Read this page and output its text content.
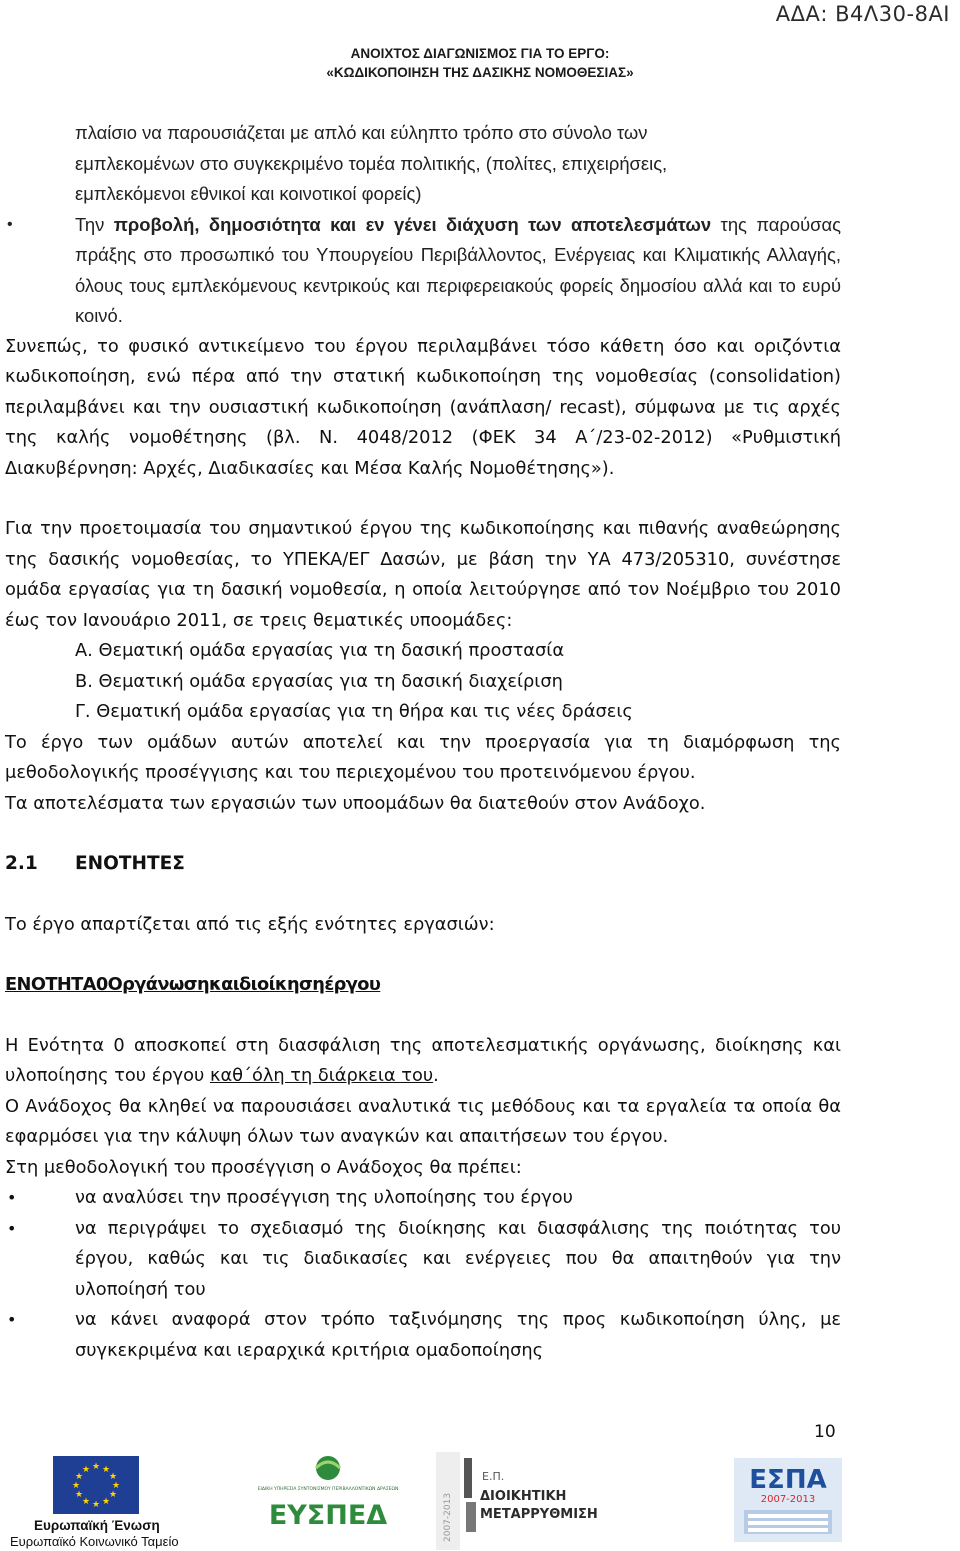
ΑΔΑ: Β4Λ30-8ΑΙ
ΑΝΟΙΧΤΟΣ ΔΙΑΓΩΝΙΣΜΟΣ ΓΙΑ ΤΟ ΕΡΓΟ:
«ΚΩΔΙΚΟΠΟΙΗΣΗ ΤΗΣ ΔΑΣΙΚΗΣ ΝΟΜΟΘΕΣΙΑΣ»

πλαίσιο να παρουσιάζεται με απλό και εύληπτο τρόπο στο σύνολο των

εμπλεκομένων στο συγκεκριμένο τομέα πολιτικής, (πολίτες, επιχειρήσεις,

εμπλεκόμενοι εθνικοί και κοινοτικοί φορείς)

• Την προβολή, δημοσιότητα και εν γένει διάχυση των αποτελεσμάτων της παρούσας πράξης στο προσωπικό του Υπουργείου Περιβάλλοντος, Ενέργειας και Κλιματικής Αλλαγής, όλους τους εμπλεκόμενους κεντρικούς και περιφερειακούς φορείς δημοσίου αλλά και το ευρύ κοινό.

Συνεπώς, το φυσικό αντικείμενο του έργου περιλαμβάνει τόσο κάθετη όσο και οριζόντια κωδικοποίηση, ενώ πέρα από την στατική κωδικοποίηση της νομοθεσίας (consolidation) περιλαμβάνει και την ουσιαστική κωδικοποίηση (ανάπλαση/ recast), σύμφωνα με τις αρχές της καλής νομοθέτησης (βλ. Ν. 4048/2012 (ΦΕΚ 34 Α΄/23-02-2012) «Ρυθμιστική Διακυβέρνηση: Αρχές, Διαδικασίες και Μέσα Καλής Νομοθέτησης»).

Για την προετοιμασία του σημαντικού έργου της κωδικοποίησης και πιθανής αναθεώρησης της δασικής νομοθεσίας, το ΥΠΕΚΑ/ΕΓ Δασών, με βάση την ΥΑ 473/205310, συνέστησε ομάδα εργασίας για τη δασική νομοθεσία, η οποία λειτούργησε από τον Νοέμβριο του 2010 έως τον Ιανουάριο 2011, σε τρεις θεματικές υποομάδες:

Α. Θεματική ομάδα εργασίας για τη δασική προστασία

Β. Θεματική ομάδα εργασίας για τη δασική διαχείριση

Γ. Θεματική ομάδα εργασίας για τη θήρα και τις νέες δράσεις

Το έργο των ομάδων αυτών αποτελεί και την προεργασία για τη διαμόρφωση της μεθοδολογικής προσέγγισης και του περιεχομένου του προτεινόμενου έργου.

Τα αποτελέσματα των εργασιών των υποομάδων θα διατεθούν στον Ανάδοχο.

2.1 ΕΝΟΤΗΤΕΣ

Το έργο απαρτίζεται από τις εξής ενότητες εργασιών:

ΕΝΟΤΗΤΑ0Οργάνωσηκαιδιοίκησηέργου

Η Ενότητα 0 αποσκοπεί στη διασφάλιση της αποτελεσματικής οργάνωσης, διοίκησης και υλοποίησης του έργου καθ΄όλη τη διάρκεια του.

Ο Ανάδοχος θα κληθεί να παρουσιάσει αναλυτικά τις μεθόδους και τα εργαλεία τα οποία θα εφαρμόσει για την κάλυψη όλων των αναγκών και απαιτήσεων του έργου.

Στη μεθοδολογική του προσέγγιση ο Ανάδοχος θα πρέπει:

• να αναλύσει την προσέγγιση της υλοποίησης του έργου

• να περιγράψει το σχεδιασμό της διοίκησης και διασφάλισης της ποιότητας του έργου, καθώς και τις διαδικασίες και ενέργειες που θα απαιτηθούν για την υλοποίησή του

• να κάνει αναφορά στον τρόπο ταξινόμησης της προς κωδικοποίηση ύλης, με συγκεκριμένα και ιεραρχικά κριτήρια ομαδοποίησης

10
★ ★
★
★
★
★
★
★
★
★
★
★
Ευρωπαϊκή Ένωση
Ευρωπαϊκό Κοινωνικό Ταμείο
ΕΙΔΙΚΗ ΥΠΗΡΕΣΙΑ ΣΥΝΤΟΝΙΣΜΟΥ ΠΕΡΙΒΑΛΛΟΝΤΙΚΩΝ ΔΡΑΣΕΩΝ
ΕΥΣΠΕΔ	2007-2013
Ε.Π.
ΔΙΟΙΚΗΤΙΚΗ
ΜΕΤΑΡΡΥΘΜΙΣΗ
ΕΣΠΑ
2007-2013
